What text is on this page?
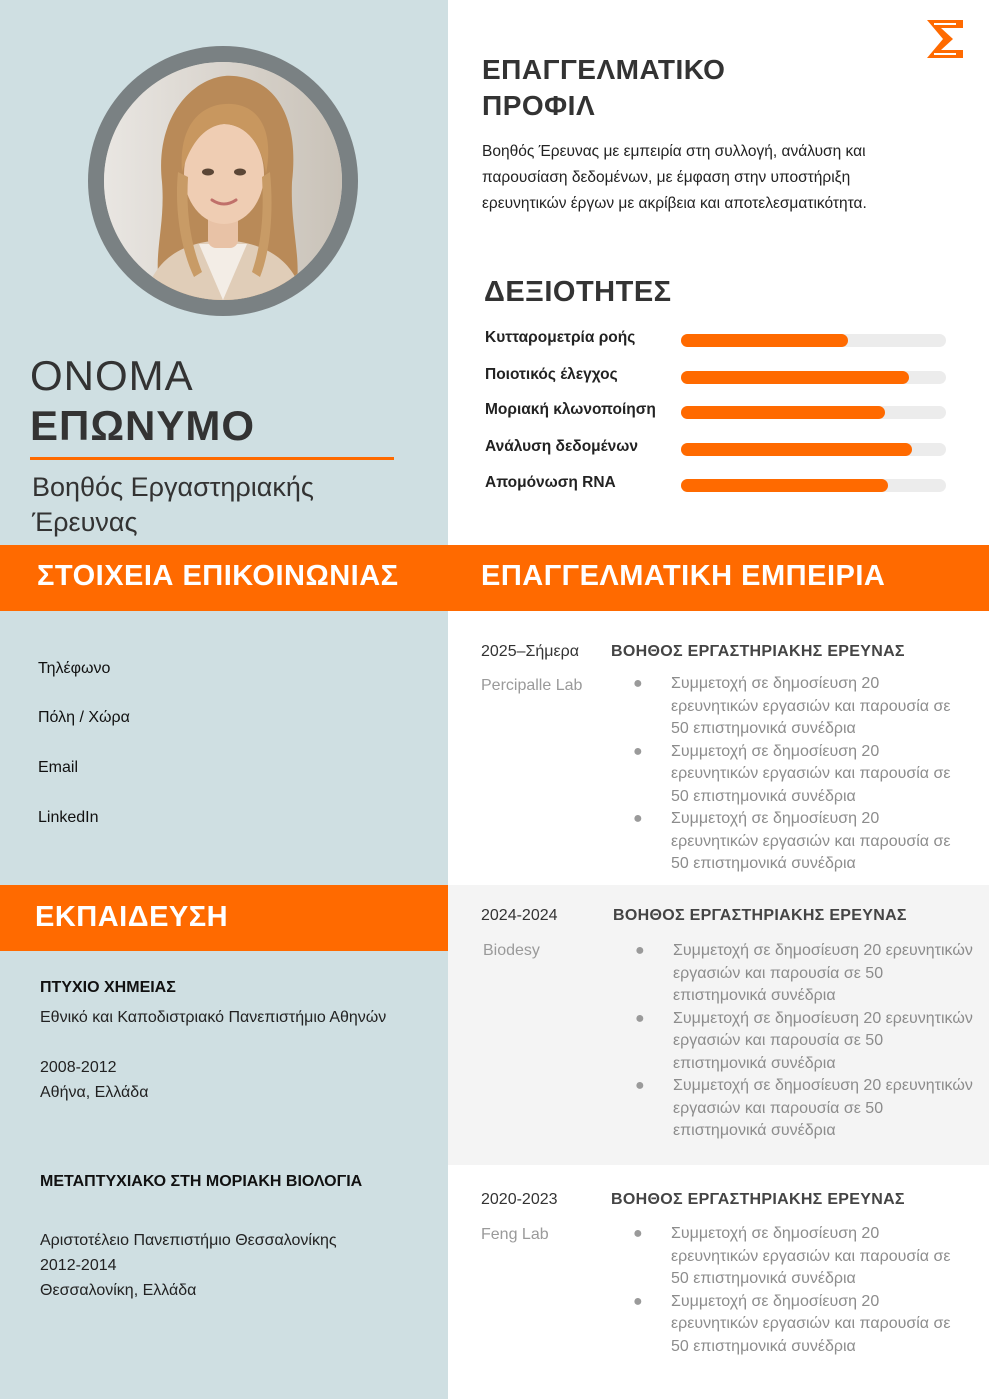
ΟΝΟΜΑ
ΕΠΩΝΥΜΟ
Βοηθός Εργαστηριακής Έρευνας
ΕΠΑΓΓΕΛΜΑΤΙΚΟ
ΠΡΟΦΙΛ
Βοηθός Έρευνας με εμπειρία στη συλλογή, ανάλυση και παρουσίαση δεδομένων, με έμφαση στην υποστήριξη ερευνητικών έργων με ακρίβεια και αποτελεσματικότητα.
ΔΕΞΙΟΤΗΤΕΣ
Κυτταρομετρία ροής
Ποιοτικός έλεγχος
Μοριακή κλωνοποίηση
Ανάλυση δεδομένων
Απομόνωση RNA
ΣΤΟΙΧΕΙΑ ΕΠΙΚΟΙΝΩΝΙΑΣ	ΕΠΑΓΓΕΛΜΑΤΙΚΗ ΕΜΠΕΙΡΙΑ
ΕΚΠΑΙΔΕΥΣΗ
Τηλέφωνο
Πόλη / Χώρα
Email
LinkedIn
ΠΤΥΧΙΟ ΧΗΜΕΙΑΣ
Εθνικό και Καποδιστριακό Πανεπιστήμιο Αθηνών
2008-2012
Αθήνα, Ελλάδα
ΜΕΤΑΠΤΥΧΙΑΚΟ ΣΤΗ ΜΟΡΙΑΚΗ ΒΙΟΛΟΓΙΑ
Αριστοτέλειο Πανεπιστήμιο Θεσσαλονίκης
2012-2014
Θεσσαλονίκη, Ελλάδα
2025–Σήμερα
Percipalle Lab
ΒΟΗΘΟΣ ΕΡΓΑΣΤΗΡΙΑΚΗΣ ΕΡΕΥΝΑΣ
● Συμμετοχή σε δημοσίευση 20 ερευνητικών εργασιών και παρουσία σε 50 επιστημονικά συνέδρια
● Συμμετοχή σε δημοσίευση 20 ερευνητικών εργασιών και παρουσία σε 50 επιστημονικά συνέδρια
● Συμμετοχή σε δημοσίευση 20 ερευνητικών εργασιών και παρουσία σε 50 επιστημονικά συνέδρια
2024-2024
Biodesy
ΒΟΗΘΟΣ ΕΡΓΑΣΤΗΡΙΑΚΗΣ ΕΡΕΥΝΑΣ
● Συμμετοχή σε δημοσίευση 20 ερευνητικών εργασιών και παρουσία σε 50 επιστημονικά συνέδρια
● Συμμετοχή σε δημοσίευση 20 ερευνητικών εργασιών και παρουσία σε 50 επιστημονικά συνέδρια
● Συμμετοχή σε δημοσίευση 20 ερευνητικών εργασιών και παρουσία σε 50 επιστημονικά συνέδρια
2020-2023
Feng Lab
ΒΟΗΘΟΣ ΕΡΓΑΣΤΗΡΙΑΚΗΣ ΕΡΕΥΝΑΣ
● Συμμετοχή σε δημοσίευση 20 ερευνητικών εργασιών και παρουσία σε 50 επιστημονικά συνέδρια
● Συμμετοχή σε δημοσίευση 20 ερευνητικών εργασιών και παρουσία σε 50 επιστημονικά συνέδρια
